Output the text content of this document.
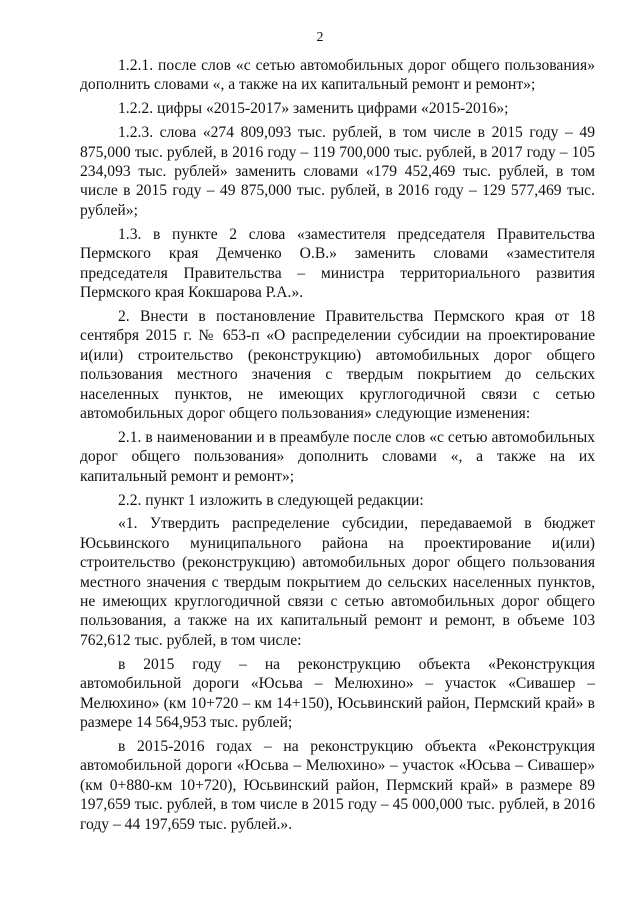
2

1.2.1. после слов «с сетью автомобильных дорог общего пользования» дополнить словами «, а также на их капитальный ремонт и ремонт»;

1.2.2. цифры «2015-2017» заменить цифрами «2015-2016»;

1.2.3. слова «274 809,093 тыс. рублей, в том числе в 2015 году – 49 875,000 тыс. рублей, в 2016 году – 119 700,000 тыс. рублей, в 2017 году – 105 234,093 тыс. рублей» заменить словами «179 452,469 тыс. рублей, в том числе в 2015 году – 49 875,000 тыс. рублей, в 2016 году – 129 577,469 тыс. рублей»;

1.3. в пункте 2 слова «заместителя председателя Правительства Пермского края Демченко О.В.» заменить словами «заместителя председателя Правительства – министра территориального развития Пермского края Кокшарова Р.А.».

2. Внести в постановление Правительства Пермского края от 18 сентября 2015 г. № 653-п «О распределении субсидии на проектирование и(или) строительство (реконструкцию) автомобильных дорог общего пользования местного значения с твердым покрытием до сельских населенных пунктов, не имеющих круглогодичной связи с сетью автомобильных дорог общего пользования» следующие изменения:

2.1. в наименовании и в преамбуле после слов «с сетью автомобильных дорог общего пользования» дополнить словами «, а также на их капитальный ремонт и ремонт»;

2.2. пункт 1 изложить в следующей редакции:

«1. Утвердить распределение субсидии, передаваемой в бюджет Юсьвинского муниципального района на проектирование и(или) строительство (реконструкцию) автомобильных дорог общего пользования местного значения с твердым покрытием до сельских населенных пунктов, не имеющих круглогодичной связи с сетью автомобильных дорог общего пользования, а также на их капитальный ремонт и ремонт, в объеме 103 762,612 тыс. рублей, в том числе:

в 2015 году – на реконструкцию объекта «Реконструкция автомобильной дороги «Юсьва – Мелюхино» – участок «Сивашер – Мелюхино» (км 10+720 – км 14+150), Юсьвинский район, Пермский край» в размере 14 564,953 тыс. рублей;

в 2015-2016 годах – на реконструкцию объекта «Реконструкция автомобильной дороги «Юсьва – Мелюхино» – участок «Юсьва – Сивашер» (км 0+880-км 10+720), Юсьвинский район, Пермский край» в размере 89 197,659 тыс. рублей, в том числе в 2015 году – 45 000,000 тыс. рублей, в 2016 году – 44 197,659 тыс. рублей.».
